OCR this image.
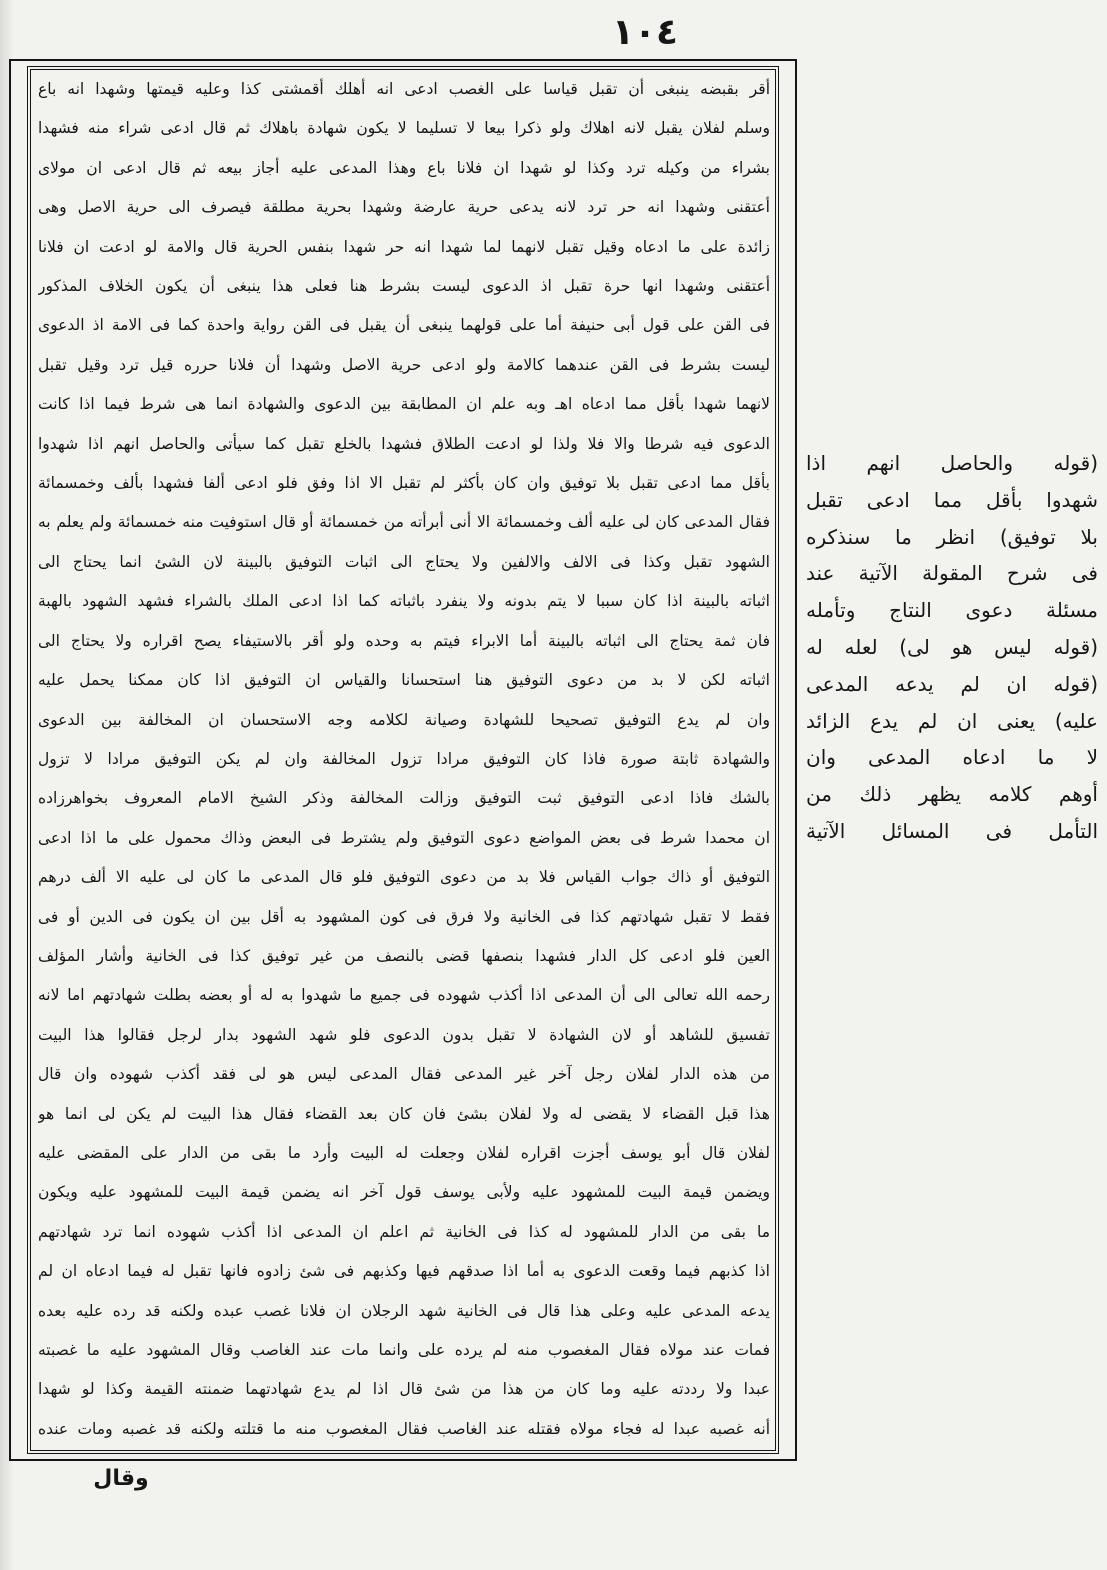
١٠٤
أقر بقبضه ينبغى أن تقبل قياسا على الغصب ادعى انه أهلك أقمشتى كذا وعليه قيمتها وشهدا انه باع
وسلم لفلان يقبل لانه اهلاك ولو ذكرا بيعا لا تسليما لا يكون شهادة باهلاك ثم قال ادعى شراء منه فشهدا
بشراء من وكيله ترد وكذا لو شهدا ان فلانا باع وهذا المدعى عليه أجاز بيعه ثم قال ادعى ان مولاى
أعتقنى وشهدا انه حر ترد لانه يدعى حرية عارضة وشهدا بحرية مطلقة فيصرف الى حرية الاصل وهى
زائدة على ما ادعاه وقيل تقبل لانهما لما شهدا انه حر شهدا بنفس الحرية قال والامة لو ادعت ان فلانا
أعتقنى وشهدا انها حرة تقبل اذ الدعوى ليست بشرط هنا فعلى هذا ينبغى أن يكون الخلاف المذكور
فى القن على قول أبى حنيفة أما على قولهما ينبغى أن يقبل فى القن رواية واحدة كما فى الامة اذ الدعوى
ليست بشرط فى القن عندهما كالامة ولو ادعى حرية الاصل وشهدا أن فلانا حرره قيل ترد وقيل تقبل
لانهما شهدا بأقل مما ادعاه اهـ وبه علم ان المطابقة بين الدعوى والشهادة انما هى شرط فيما اذا كانت
الدعوى فيه شرطا والا فلا ولذا لو ادعت الطلاق فشهدا بالخلع تقبل كما سيأتى والحاصل انهم اذا شهدوا
بأقل مما ادعى تقبل بلا توفيق وان كان بأكثر لم تقبل الا اذا وفق فلو ادعى ألفا فشهدا بألف وخمسمائة
فقال المدعى كان لى عليه ألف وخمسمائة الا أنى أبرأته من خمسمائة أو قال استوفيت منه خمسمائة ولم يعلم به
الشهود تقبل وكذا فى الالف والالفين ولا يحتاج الى اثبات التوفيق بالبينة لان الشئ انما يحتاج الى
اثباته بالبينة اذا كان سببا لا يتم بدونه ولا ينفرد باثباته كما اذا ادعى الملك بالشراء فشهد الشهود بالهبة
فان ثمة يحتاج الى اثباته بالبينة أما الابراء فيتم به وحده ولو أقر بالاستيفاء يصح اقراره ولا يحتاج الى
اثباته لكن لا بد من دعوى التوفيق هنا استحسانا والقياس ان التوفيق اذا كان ممكنا يحمل عليه
وان لم يدع التوفيق تصحيحا للشهادة وصيانة لكلامه وجه الاستحسان ان المخالفة بين الدعوى
والشهادة ثابتة صورة فاذا كان التوفيق مرادا تزول المخالفة وان لم يكن التوفيق مرادا لا تزول
بالشك فاذا ادعى التوفيق ثبت التوفيق وزالت المخالفة وذكر الشيخ الامام المعروف بخواهرزاده
ان محمدا شرط فى بعض المواضع دعوى التوفيق ولم يشترط فى البعض وذاك محمول على ما اذا ادعى
التوفيق أو ذاك جواب القياس فلا بد من دعوى التوفيق فلو قال المدعى ما كان لى عليه الا ألف درهم
فقط لا تقبل شهادتهم كذا فى الخانية ولا فرق فى كون المشهود به أقل بين ان يكون فى الدين أو فى
العين فلو ادعى كل الدار فشهدا بنصفها قضى بالنصف من غير توفيق كذا فى الخانية وأشار المؤلف
رحمه الله تعالى الى أن المدعى اذا أكذب شهوده فى جميع ما شهدوا به له أو بعضه بطلت شهادتهم اما لانه
تفسيق للشاهد أو لان الشهادة لا تقبل بدون الدعوى فلو شهد الشهود بدار لرجل فقالوا هذا البيت
من هذه الدار لفلان رجل آخر غير المدعى فقال المدعى ليس هو لى فقد أكذب شهوده وان قال
هذا قبل القضاء لا يقضى له ولا لفلان بشئ فان كان بعد القضاء فقال هذا البيت لم يكن لى انما هو
لفلان قال أبو يوسف أجزت اقراره لفلان وجعلت له البيت وأرد ما بقى من الدار على المقضى عليه
ويضمن قيمة البيت للمشهود عليه ولأبى يوسف قول آخر انه يضمن قيمة البيت للمشهود عليه ويكون
ما بقى من الدار للمشهود له كذا فى الخانية ثم اعلم ان المدعى اذا أكذب شهوده انما ترد شهادتهم
اذا كذبهم فيما وقعت الدعوى به أما اذا صدقهم فيها وكذبهم فى شئ زادوه فانها تقبل له فيما ادعاه ان لم
يدعه المدعى عليه وعلى هذا قال فى الخانية شهد الرجلان ان فلانا غصب عبده ولكنه قد رده عليه بعده
فمات عند مولاه فقال المغصوب منه لم يرده على وانما مات عند الغاصب وقال المشهود عليه ما غصبته
عبدا ولا رددته عليه وما كان من هذا من شئ قال اذا لم يدع شهادتهما ضمنته القيمة وكذا لو شهدا
أنه غصبه عبدا له فجاء مولاه فقتله عند الغاصب فقال المغصوب منه ما قتلته ولكنه قد غصبه ومات عنده
(قوله والحاصل انهم اذا
شهدوا بأقل مما ادعى تقبل
بلا توفيق) انظر ما سنذكره
فى شرح المقولة الآتية عند
مسئلة دعوى النتاج وتأمله
(قوله ليس هو لى) لعله له
(قوله ان لم يدعه المدعى
عليه) يعنى ان لم يدع الزائد
لا ما ادعاه المدعى وان
أوهم كلامه يظهر ذلك من
التأمل فى المسائل الآتية
وقال
